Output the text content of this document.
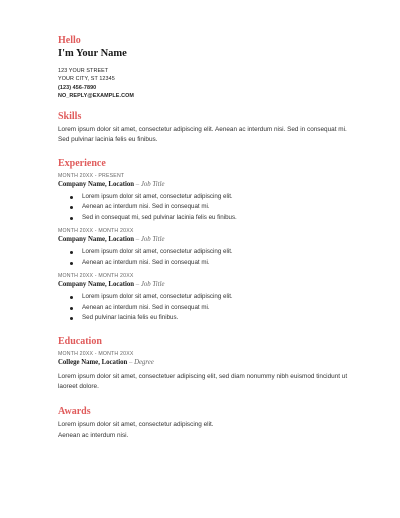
Hello
I'm Your Name
123 YOUR STREET
YOUR CITY, ST 12345
(123) 456-7890
NO_REPLY@EXAMPLE.COM
Skills
Lorem ipsum dolor sit amet, consectetur adipiscing elit. Aenean ac interdum nisi. Sed in consequat mi. Sed pulvinar lacinia felis eu finibus.
Experience
MONTH 20XX - PRESENT
Company Name, Location – Job Title
Lorem ipsum dolor sit amet, consectetur adipiscing elit.
Aenean ac interdum nisi. Sed in consequat mi.
Sed in consequat mi, sed pulvinar lacinia felis eu finibus.
MONTH 20XX - MONTH 20XX
Company Name, Location – Job Title
Lorem ipsum dolor sit amet, consectetur adipiscing elit.
Aenean ac interdum nisi. Sed in consequat mi.
MONTH 20XX - MONTH 20XX
Company Name, Location – Job Title
Lorem ipsum dolor sit amet, consectetur adipiscing elit.
Aenean ac interdum nisi. Sed in consequat mi.
Sed pulvinar lacinia felis eu finibus.
Education
MONTH 20XX - MONTH 20XX
College Name, Location – Degree
Lorem ipsum dolor sit amet, consectetuer adipiscing elit, sed diam nonummy nibh euismod tincidunt ut laoreet dolore.
Awards
Lorem ipsum dolor sit amet, consectetur adipiscing elit.
Aenean ac interdum nisi.
